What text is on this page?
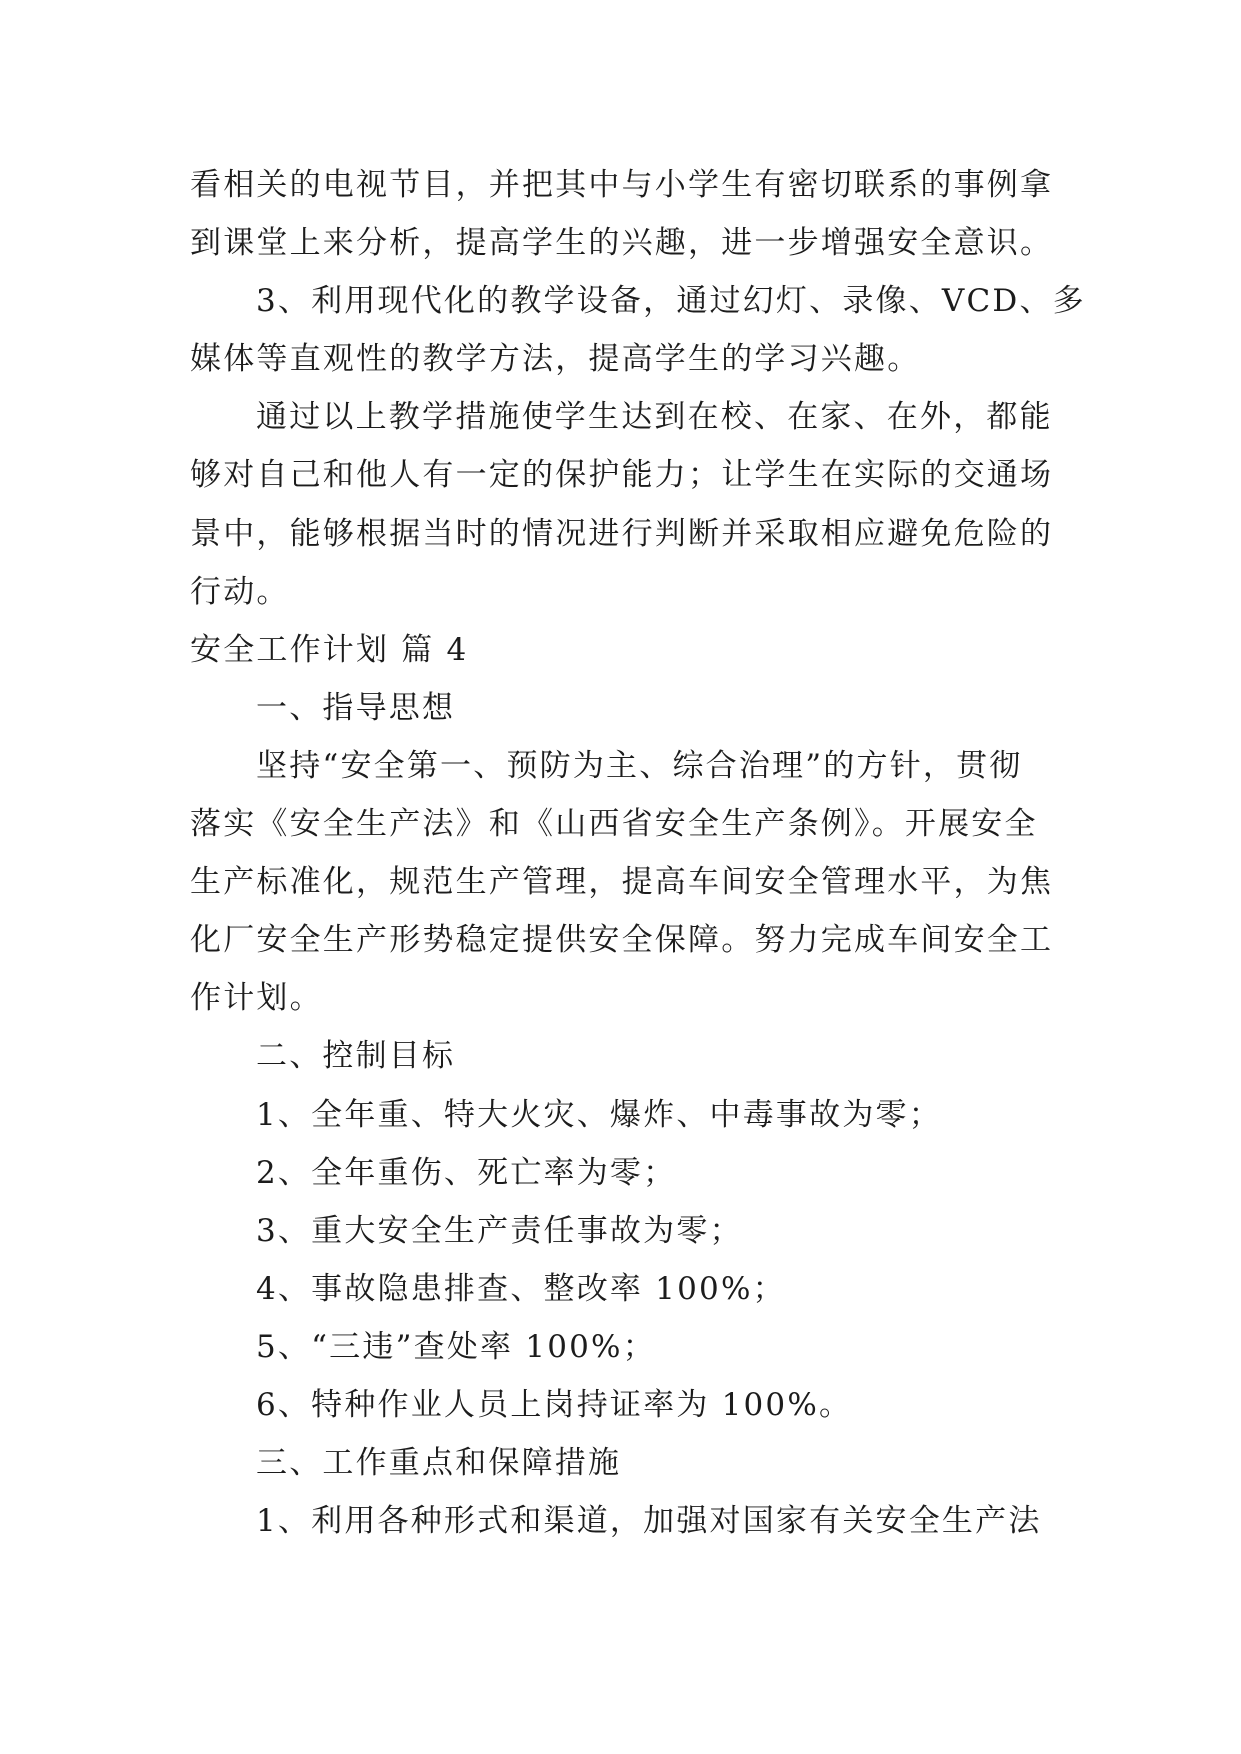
看相关的电视节目，并把其中与小学生有密切联系的事例拿
到课堂上来分析，提高学生的兴趣，进一步增强安全意识。
3、利用现代化的教学设备，通过幻灯、录像、VCD、多
媒体等直观性的教学方法，提高学生的学习兴趣。
通过以上教学措施使学生达到在校、在家、在外，都能
够对自己和他人有一定的保护能力；让学生在实际的交通场
景中，能够根据当时的情况进行判断并采取相应避免危险的
行动。
安全工作计划 篇 4
一、指导思想
坚持“安全第一、预防为主、综合治理”的方针，贯彻
落实《安全生产法》和《山西省安全生产条例》。开展安全
生产标准化，规范生产管理，提高车间安全管理水平，为焦
化厂安全生产形势稳定提供安全保障。努力完成车间安全工
作计划。
二、控制目标
1、全年重、特大火灾、爆炸、中毒事故为零；
2、全年重伤、死亡率为零；
3、重大安全生产责任事故为零；
4、事故隐患排查、整改率 100%；
5、“三违”查处率 100%；
6、特种作业人员上岗持证率为 100%。
三、工作重点和保障措施
1、利用各种形式和渠道，加强对国家有关安全生产法
